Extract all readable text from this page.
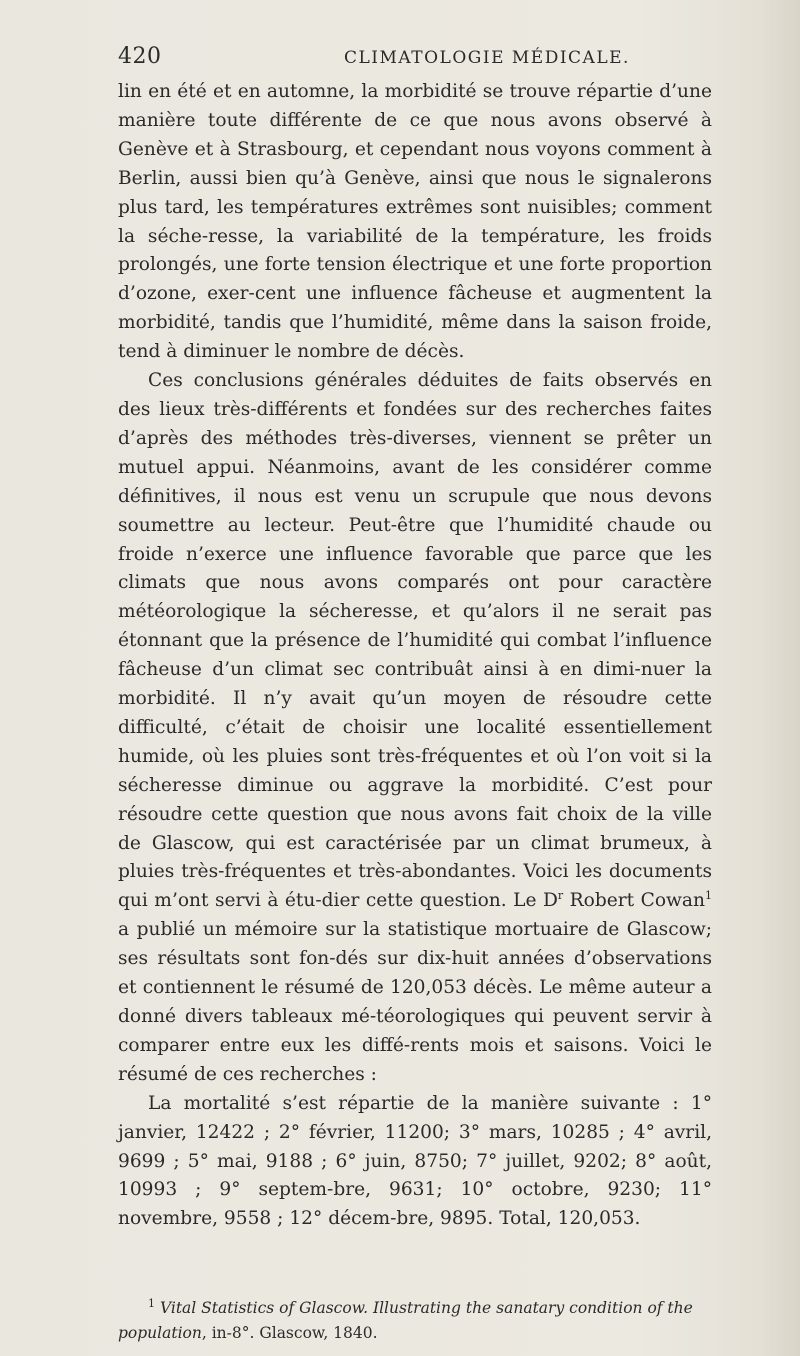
420	CLIMATOLOGIE MÉDICALE.

lin en été et en automne, la morbidité se trouve répartie d’une manière toute différente de ce que nous avons observé à Genève et à Strasbourg, et cependant nous voyons comment à Berlin, aussi bien qu’à Genève, ainsi que nous le signalerons plus tard, les températures extrêmes sont nuisibles; comment la séche-resse, la variabilité de la température, les froids prolongés, une forte tension électrique et une forte proportion d’ozone, exer-cent une influence fâcheuse et augmentent la morbidité, tandis que l’humidité, même dans la saison froide, tend à diminuer le nombre de décès.

Ces conclusions générales déduites de faits observés en des lieux très-différents et fondées sur des recherches faites d’après des méthodes très-diverses, viennent se prêter un mutuel appui. Néanmoins, avant de les considérer comme définitives, il nous est venu un scrupule que nous devons soumettre au lecteur. Peut-être que l’humidité chaude ou froide n’exerce une influence favorable que parce que les climats que nous avons comparés ont pour caractère météorologique la sécheresse, et qu’alors il ne serait pas étonnant que la présence de l’humidité qui combat l’influence fâcheuse d’un climat sec contribuât ainsi à en dimi-nuer la morbidité. Il n’y avait qu’un moyen de résoudre cette difficulté, c’était de choisir une localité essentiellement humide, où les pluies sont très-fréquentes et où l’on voit si la sécheresse diminue ou aggrave la morbidité. C’est pour résoudre cette question que nous avons fait choix de la ville de Glascow, qui est caractérisée par un climat brumeux, à pluies très-fréquentes et très-abondantes. Voici les documents qui m’ont servi à étu-dier cette question. Le $D^r$ Robert Cowan$^1$ a publié un mémoire sur la statistique mortuaire de Glascow; ses résultats sont fon-dés sur dix-huit années d’observations et contiennent le résumé de 120,053 décès. Le même auteur a donné divers tableaux mé-téorologiques qui peuvent servir à comparer entre eux les diffé-rents mois et saisons. Voici le résumé de ces recherches :

La mortalité s’est répartie de la manière suivante : 1° janvier, 12422 ; 2° février, 11200; 3° mars, 10285 ; 4° avril, 9699 ; 5° mai, 9188 ; 6° juin, 8750; 7° juillet, 9202; 8° août, 10993 ; 9° septem-bre, 9631; 10° octobre, 9230; 11° novembre, 9558 ; 12° décem-bre, 9895. Total, 120,053.

$^1$ Vital Statistics of Glascow. Illustrating the sanatary condition of the population, in-8°. Glascow, 1840.
